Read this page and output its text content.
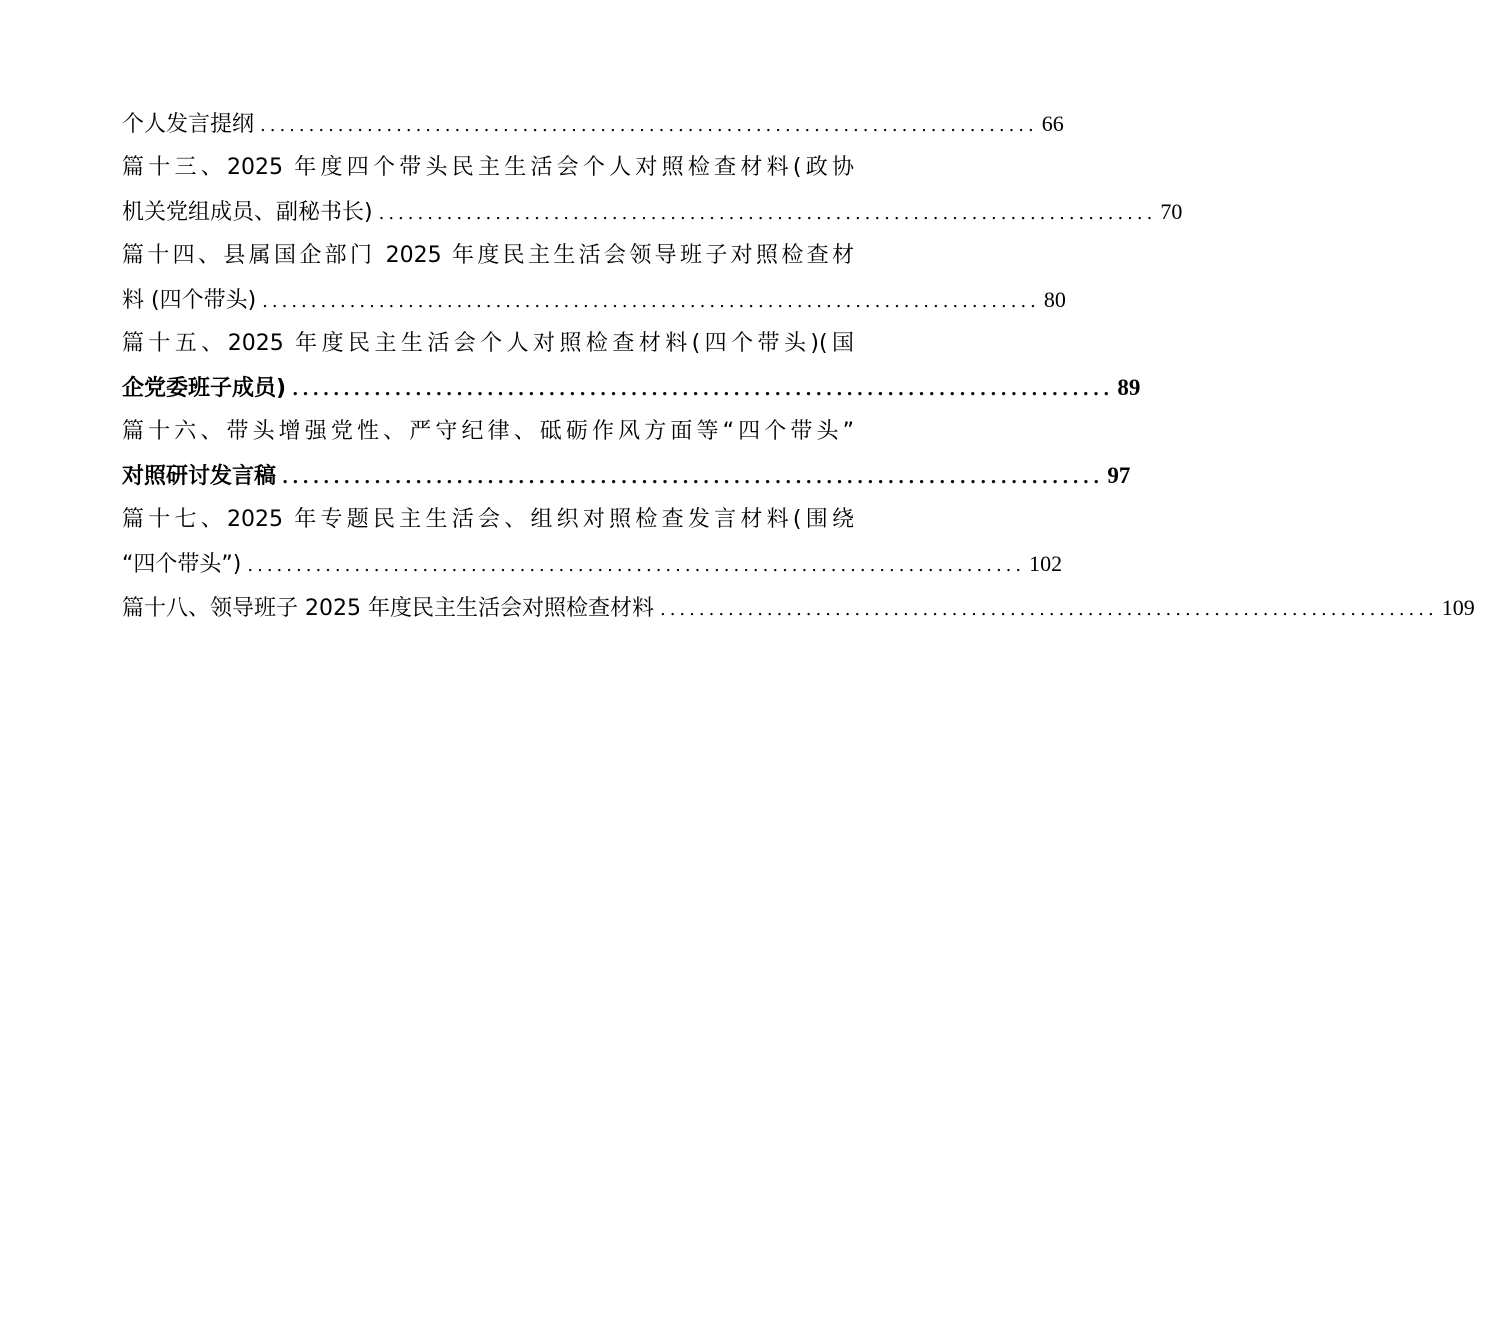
个人发言提纲 ................................................................................ 66
篇十三、2025 年度四个带头民主生活会个人对照检查材料(政协
机关党组成员、副秘书长) ................................................................................ 70
篇十四、县属国企部门 2025 年度民主生活会领导班子对照检查材
料 (四个带头) ................................................................................ 80
篇十五、2025 年度民主生活会个人对照检查材料(四个带头)(国
企党委班子成员) ................................................................................ 89
篇十六、带头增强党性、严守纪律、砥砺作风方面等“四个带头”
对照研讨发言稿 ................................................................................ 97
篇十七、2025 年专题民主生活会、组织对照检查发言材料(围绕
“四个带头”) ................................................................................ 102
篇十八、领导班子 2025 年度民主生活会对照检查材料 ................................................................................ 109
